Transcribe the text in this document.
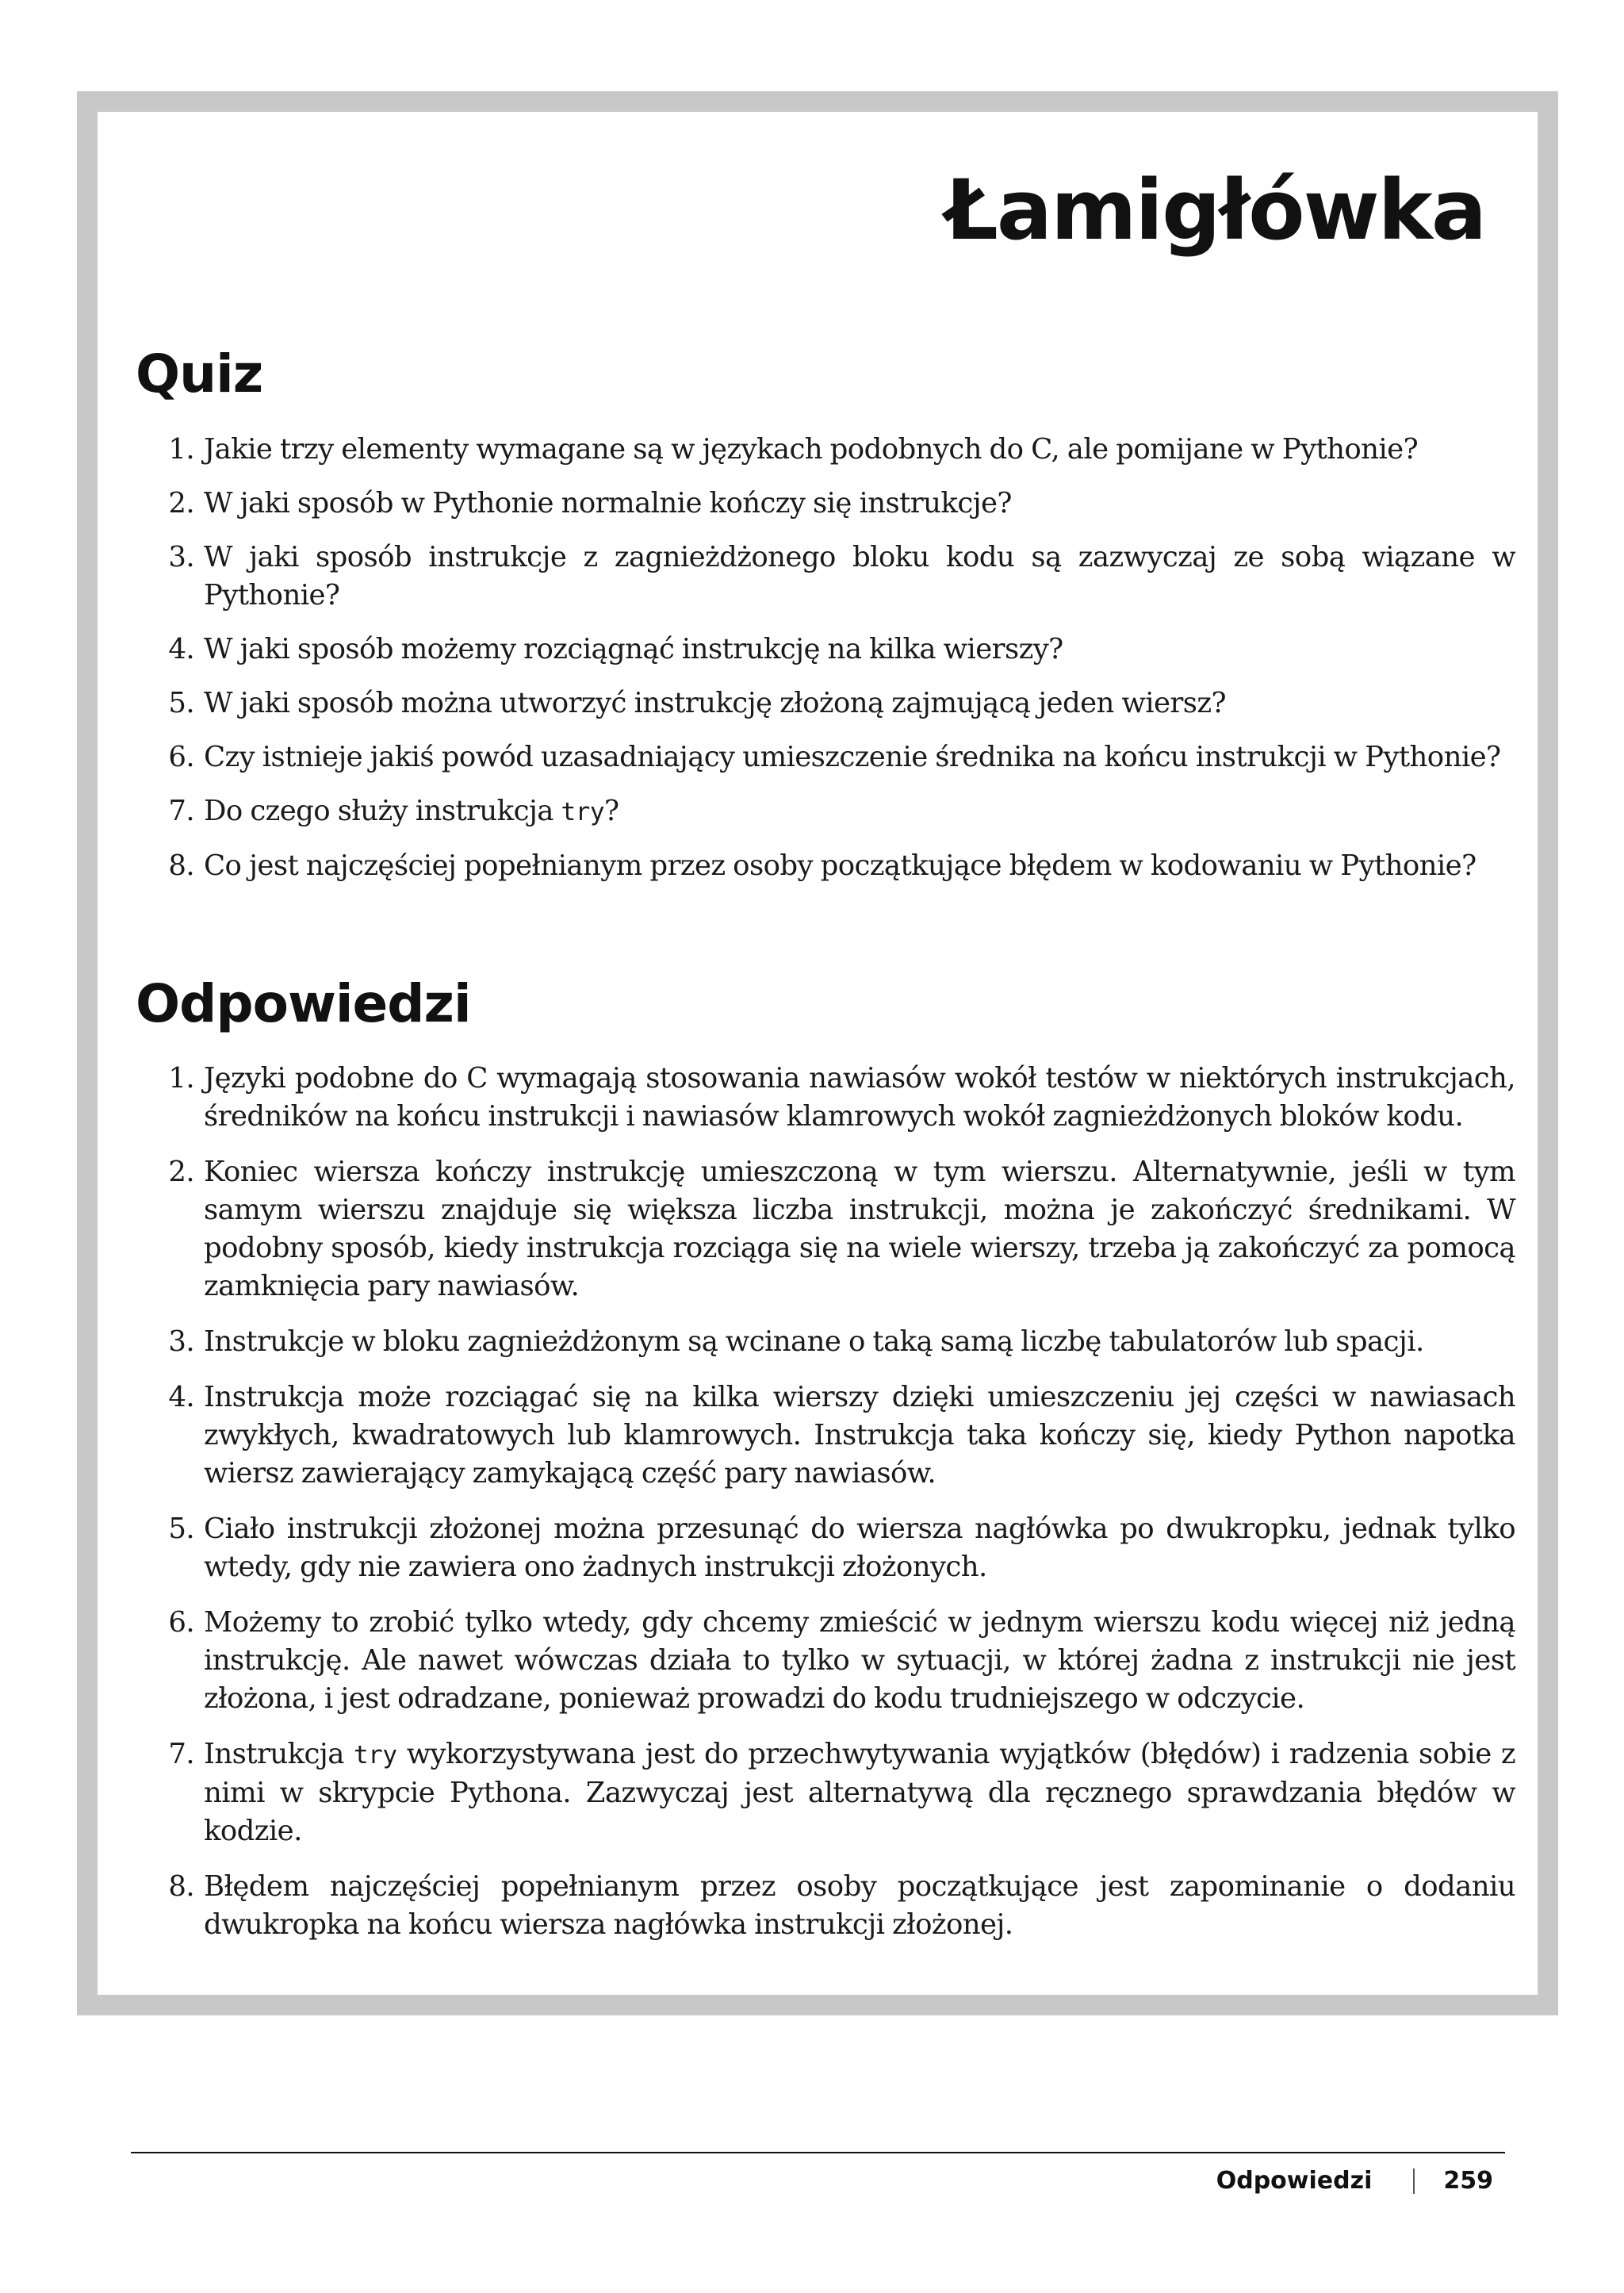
Łamigłówka
Quiz
1. Jakie trzy elementy wymagane są w językach podobnych do C, ale pomijane w Pythonie?
2. W jaki sposób w Pythonie normalnie kończy się instrukcje?
3. W jaki sposób instrukcje z zagnieżdżonego bloku kodu są zazwyczaj ze sobą wiązane w Pythonie?
4. W jaki sposób możemy rozciągnąć instrukcję na kilka wierszy?
5. W jaki sposób można utworzyć instrukcję złożoną zajmującą jeden wiersz?
6. Czy istnieje jakiś powód uzasadniający umieszczenie średnika na końcu instrukcji w Pythonie?
7. Do czego służy instrukcja try?
8. Co jest najczęściej popełnianym przez osoby początkujące błędem w kodowaniu w Pythonie?
Odpowiedzi
1. Języki podobne do C wymagają stosowania nawiasów wokół testów w niektórych instrukcjach, średników na końcu instrukcji i nawiasów klamrowych wokół zagnieżdżonych bloków kodu.
2. Koniec wiersza kończy instrukcję umieszczoną w tym wierszu. Alternatywnie, jeśli w tym samym wierszu znajduje się większa liczba instrukcji, można je zakończyć średnikami. W podobny sposób, kiedy instrukcja rozciąga się na wiele wierszy, trzeba ją zakończyć za pomocą zamknięcia pary nawiasów.
3. Instrukcje w bloku zagnieżdżonym są wcinane o taką samą liczbę tabulatorów lub spacji.
4. Instrukcja może rozciągać się na kilka wierszy dzięki umieszczeniu jej części w nawiasach zwykłych, kwadratowych lub klamrowych. Instrukcja taka kończy się, kiedy Python napotka wiersz zawierający zamykającą część pary nawiasów.
5. Ciało instrukcji złożonej można przesunąć do wiersza nagłówka po dwukropku, jednak tylko wtedy, gdy nie zawiera ono żadnych instrukcji złożonych.
6. Możemy to zrobić tylko wtedy, gdy chcemy zmieścić w jednym wierszu kodu więcej niż jedną instrukcję. Ale nawet wówczas działa to tylko w sytuacji, w której żadna z instrukcji nie jest złożona, i jest odradzane, ponieważ prowadzi do kodu trudniejszego w odczycie.
7. Instrukcja try wykorzystywana jest do przechwytywania wyjątków (błędów) i radzenia sobie z nimi w skrypcie Pythona. Zazwyczaj jest alternatywą dla ręcznego sprawdzania błędów w kodzie.
8. Błędem najczęściej popełnianym przez osoby początkujące jest zapominanie o dodaniu dwukropka na końcu wiersza nagłówka instrukcji złożonej.
Odpowiedzi	259
